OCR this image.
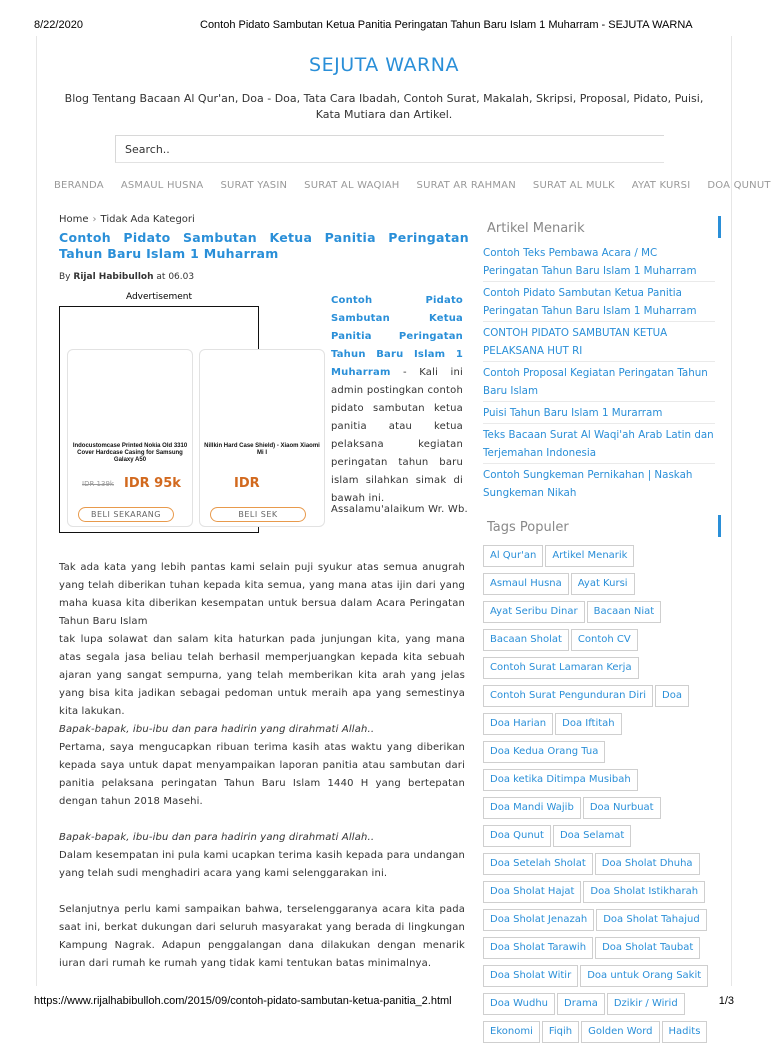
8/22/2020	Contoh Pidato Sambutan Ketua Panitia Peringatan Tahun Baru Islam 1 Muharram - SEJUTA WARNA
SEJUTA WARNA
Blog Tentang Bacaan Al Qur'an, Doa - Doa, Tata Cara Ibadah, Contoh Surat, Makalah, Skripsi, Proposal, Pidato, Puisi, Kata Mutiara dan Artikel.
Search..
BERANDA ASMAUL HUSNA SURAT YASIN SURAT AL WAQIAH SURAT AR RAHMAN SURAT AL MULK AYAT KURSI DOA QUNUT
Home › Tidak Ada Kategori
Contoh Pidato Sambutan Ketua Panitia Peringatan Tahun Baru Islam 1 Muharram
By Rijal Habibulloh at 06.03
Advertisement
Indocustomcase Printed Nokia Old 3310 Cover Hardcase Casing for Samsung Galaxy A50
IDR 139k IDR 95k
BELI SEKARANG
Nillkin Hard Case Shield) - Xiaom Xiaomi Mi I
IDR
BELI SEK
Contoh Pidato Sambutan Ketua Panitia Peringatan Tahun Baru Islam 1 Muharram - Kali ini admin postingkan contoh pidato sambutan ketua panitia atau ketua pelaksana kegiatan peringatan tahun baru islam silahkan simak di bawah ini.
Assalamu'alaikum Wr. Wb.

Tak ada kata yang lebih pantas kami selain puji syukur atas semua anugrah yang telah diberikan tuhan kepada kita semua, yang mana atas ijin dari yang maha kuasa kita diberikan kesempatan untuk bersua dalam Acara Peringatan Tahun Baru Islam

tak lupa solawat dan salam kita haturkan pada junjungan kita, yang mana atas segala jasa beliau telah berhasil memperjuangkan kepada kita sebuah ajaran yang sangat sempurna, yang telah memberikan kita arah yang jelas yang bisa kita jadikan sebagai pedoman untuk meraih apa yang semestinya kita lakukan.

Bapak-bapak, ibu-ibu dan para hadirin yang dirahmati Allah..

Pertama, saya mengucapkan ribuan terima kasih atas waktu yang diberikan kepada saya untuk dapat menyampaikan laporan panitia atau sambutan dari panitia pelaksana peringatan Tahun Baru Islam 1440 H yang bertepatan dengan tahun 2018 Masehi.

Bapak-bapak, ibu-ibu dan para hadirin yang dirahmati Allah..

Dalam kesempatan ini pula kami ucapkan terima kasih kepada para undangan yang telah sudi menghadiri acara yang kami selenggarakan ini.

Selanjutnya perlu kami sampaikan bahwa, terselenggaranya acara kita pada saat ini, berkat dukungan dari seluruh masyarakat yang berada di lingkungan Kampung Nagrak. Adapun penggalangan dana dilakukan dengan menarik iuran dari rumah ke rumah yang tidak kami tentukan batas minimalnya.

Artikel Menarik
Contoh Teks Pembawa Acara / MC Peringatan Tahun Baru Islam 1 Muharram
Contoh Pidato Sambutan Ketua Panitia Peringatan Tahun Baru Islam 1 Muharram
CONTOH PIDATO SAMBUTAN KETUA PELAKSANA HUT RI
Contoh Proposal Kegiatan Peringatan Tahun Baru Islam
Puisi Tahun Baru Islam 1 Murarram
Teks Bacaan Surat Al Waqi'ah Arab Latin dan Terjemahan Indonesia
Contoh Sungkeman Pernikahan | Naskah Sungkeman Nikah
Tags Populer
Al Qur'an Artikel MenarikAsmaul Husna Ayat KursiAyat Seribu Dinar Bacaan NiatBacaan Sholat Contoh CVContoh Surat Lamaran KerjaContoh Surat Pengunduran Diri DoaDoa Harian Doa IftitahDoa Kedua Orang TuaDoa ketika Ditimpa MusibahDoa Mandi Wajib Doa NurbuatDoa Qunut Doa SelamatDoa Setelah Sholat Doa Sholat DhuhaDoa Sholat Hajat Doa Sholat IstikharahDoa Sholat Jenazah Doa Sholat TahajudDoa Sholat Tarawih Doa Sholat TaubatDoa Sholat Witir Doa untuk Orang SakitDoa Wudhu Drama Dzikir / WiridEkonomi Fiqih Golden Word Hadits
https://www.rijalhabibulloh.com/2015/09/contoh-pidato-sambutan-ketua-panitia_2.html	1/3
